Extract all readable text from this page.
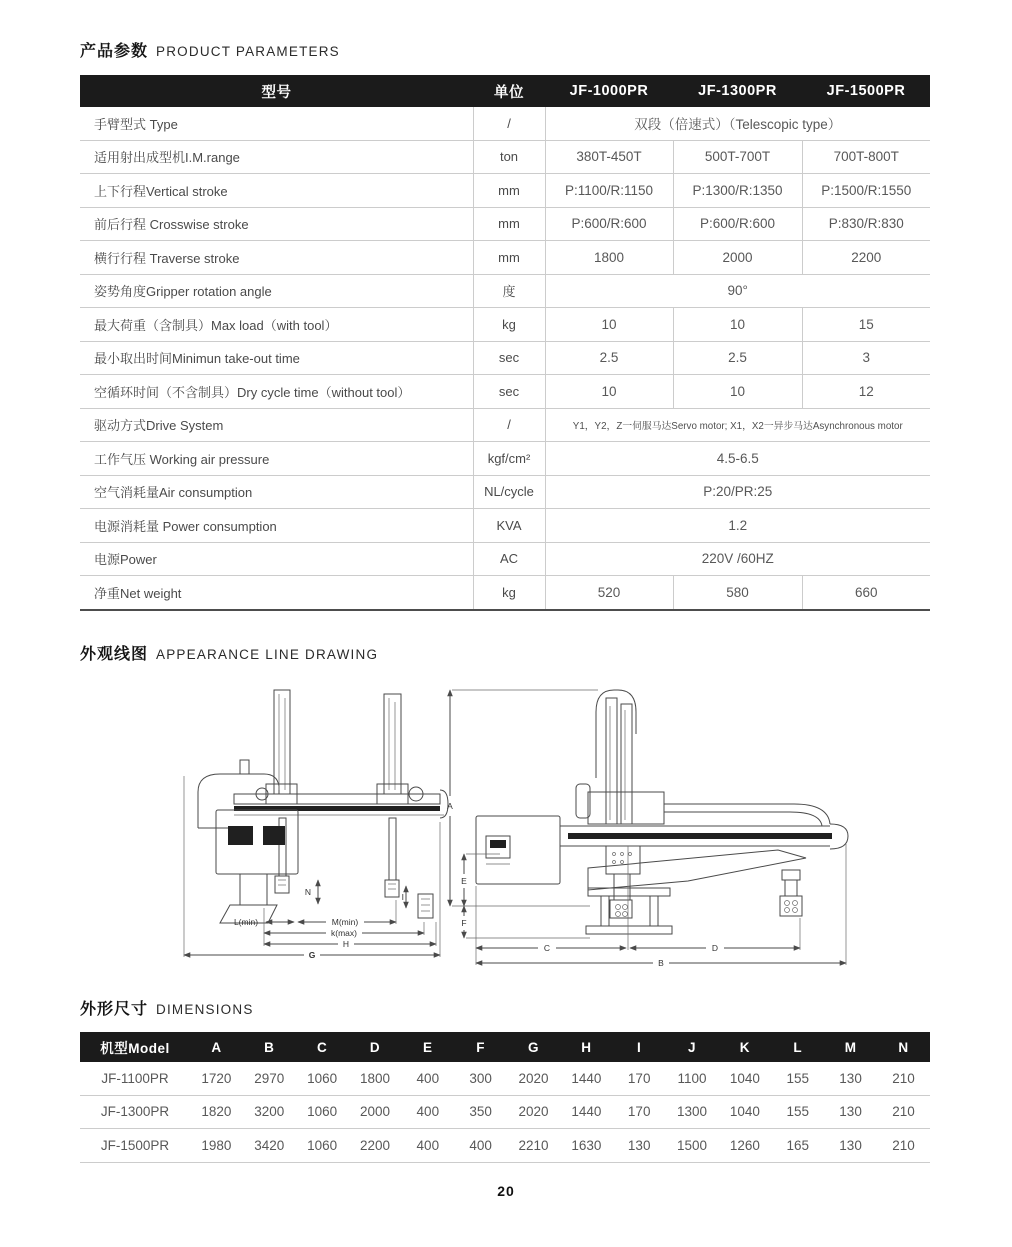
产品参数 PRODUCT PARAMETERS
型号	单位	JF-1000PR	JF-1300PR	JF-1500PR
手臂型式 Type	/	双段（倍速式）（Telescopic type）		
适用射出成型机I.M.range	ton	380T-450T	500T-700T	700T-800T
上下行程Vertical stroke	mm	P:1100/R:1150	P:1300/R:1350	P:1500/R:1550
前后行程 Crosswise stroke	mm	P:600/R:600	P:600/R:600	P:830/R:830
横行行程 Traverse stroke	mm	1800	2000	2200
姿势角度Gripper rotation angle	度	90°		
最大荷重（含制具）Max load（with tool）	kg	10	10	15
最小取出时间Minimun take-out time	sec	2.5	2.5	3
空循环时间（不含制具）Dry cycle time（without tool）	sec	10	10	12
驱动方式Drive System	/	Y1，Y2，Z一伺服马达Servo motor; X1，X2一异步马达Asynchronous motor		
工作气压 Working air pressure	kgf/cm²	4.5-6.5		
空气消耗量Air consumption	NL/cycle	P:20/PR:25		
电源消耗量 Power consumption	KVA	1.2		
电源Power	AC	220V /60HZ		
净重Net weight	kg	520	580	660
外观线图 APPEARANCE LINE DRAWING
N	I
L(min)	M(min)
k(max)
H
G
A
E
F
C	D
B
外形尺寸 DIMENSIONS
机型Model	A	B	C	D	E	F	G	H	I	J	K	L	M	N
JF-1100PR	1720	2970	1060	1800	400	300	2020	1440	170	1100	1040	155	130	210
JF-1300PR	1820	3200	1060	2000	400	350	2020	1440	170	1300	1040	155	130	210
JF-1500PR	1980	3420	1060	2200	400	400	2210	1630	130	1500	1260	165	130	210
20
